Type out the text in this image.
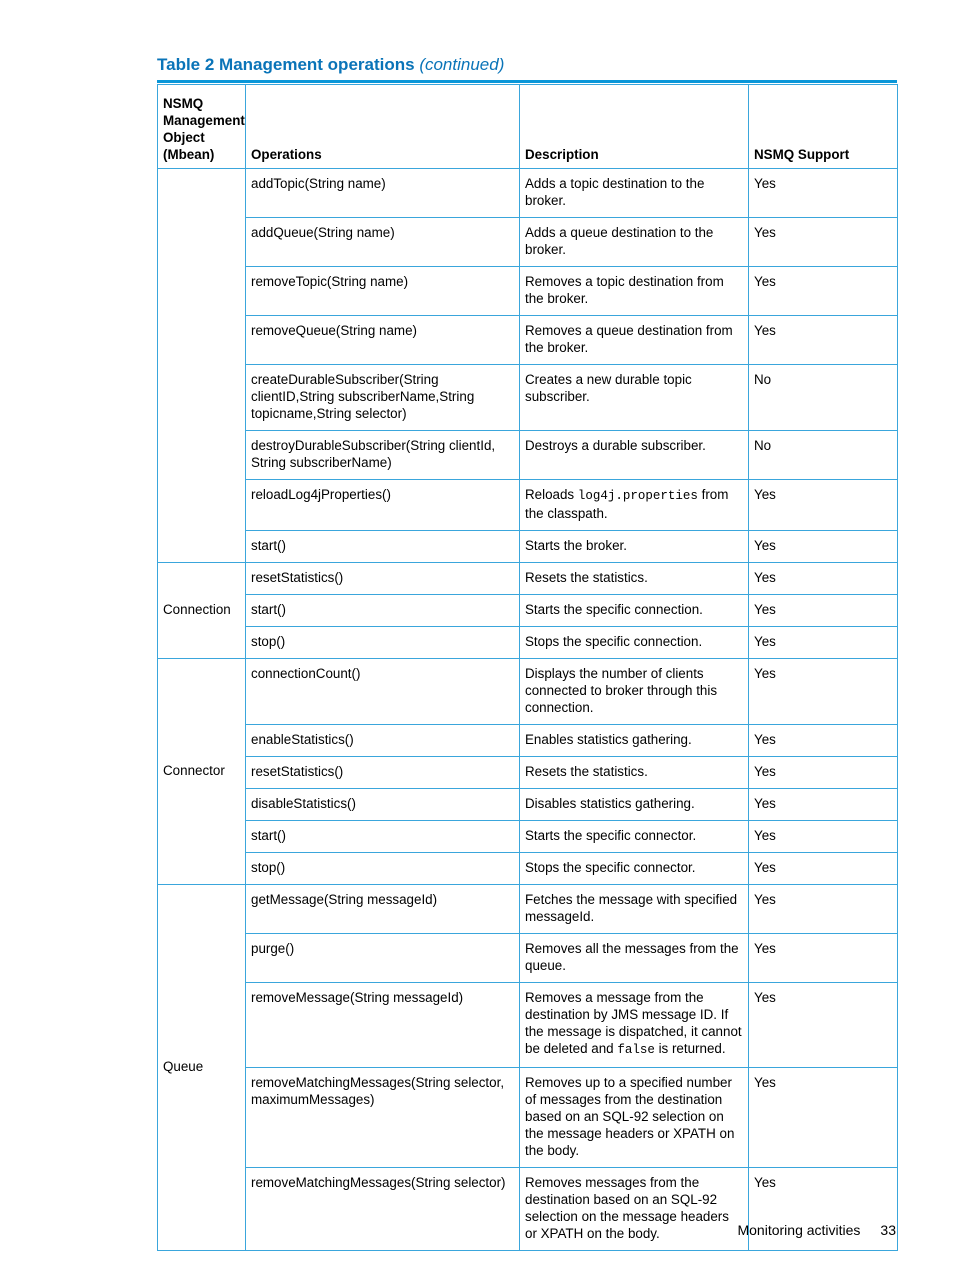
Table 2 Management operations (continued)
NSMQ
Management
Object
(Mbean)	Operations	Description	NSMQ Support
	addTopic(String name)	Adds a topic destination to the broker.	Yes
	addQueue(String name)	Adds a queue destination to the broker.	Yes
	removeTopic(String name)	Removes a topic destination from the broker.	Yes
	removeQueue(String name)	Removes a queue destination from the broker.	Yes
	createDurableSubscriber(String clientID,String subscriberName,String topicname,String selector)	Creates a new durable topic subscriber.	No
	destroyDurableSubscriber(String clientId, String subscriberName)	Destroys a durable subscriber.	No
	reloadLog4jProperties()	Reloads log4j.properties from the classpath.	Yes
	start()	Starts the broker.	Yes
Connection	resetStatistics()	Resets the statistics.	Yes
	start()	Starts the specific connection.	Yes
	stop()	Stops the specific connection.	Yes
Connector	connectionCount()	Displays the number of clients connected to broker through this connection.	Yes
	enableStatistics()	Enables statistics gathering.	Yes
	resetStatistics()	Resets the statistics.	Yes
	disableStatistics()	Disables statistics gathering.	Yes
	start()	Starts the specific connector.	Yes
	stop()	Stops the specific connector.	Yes
Queue	getMessage(String messageId)	Fetches the message with specified messageId.	Yes
	purge()	Removes all the messages from the queue.	Yes
	removeMessage(String messageId)	Removes a message from the destination by JMS message ID. If the message is dispatched, it cannot be deleted and false is returned.	Yes
	removeMatchingMessages(String selector, maximumMessages)	Removes up to a specified number of messages from the destination based on an SQL-92 selection on the message headers or XPATH on the body.	Yes
	removeMatchingMessages(String selector)	Removes messages from the destination based on an SQL-92 selection on the message headers or XPATH on the body.	Yes
Monitoring activities 33
